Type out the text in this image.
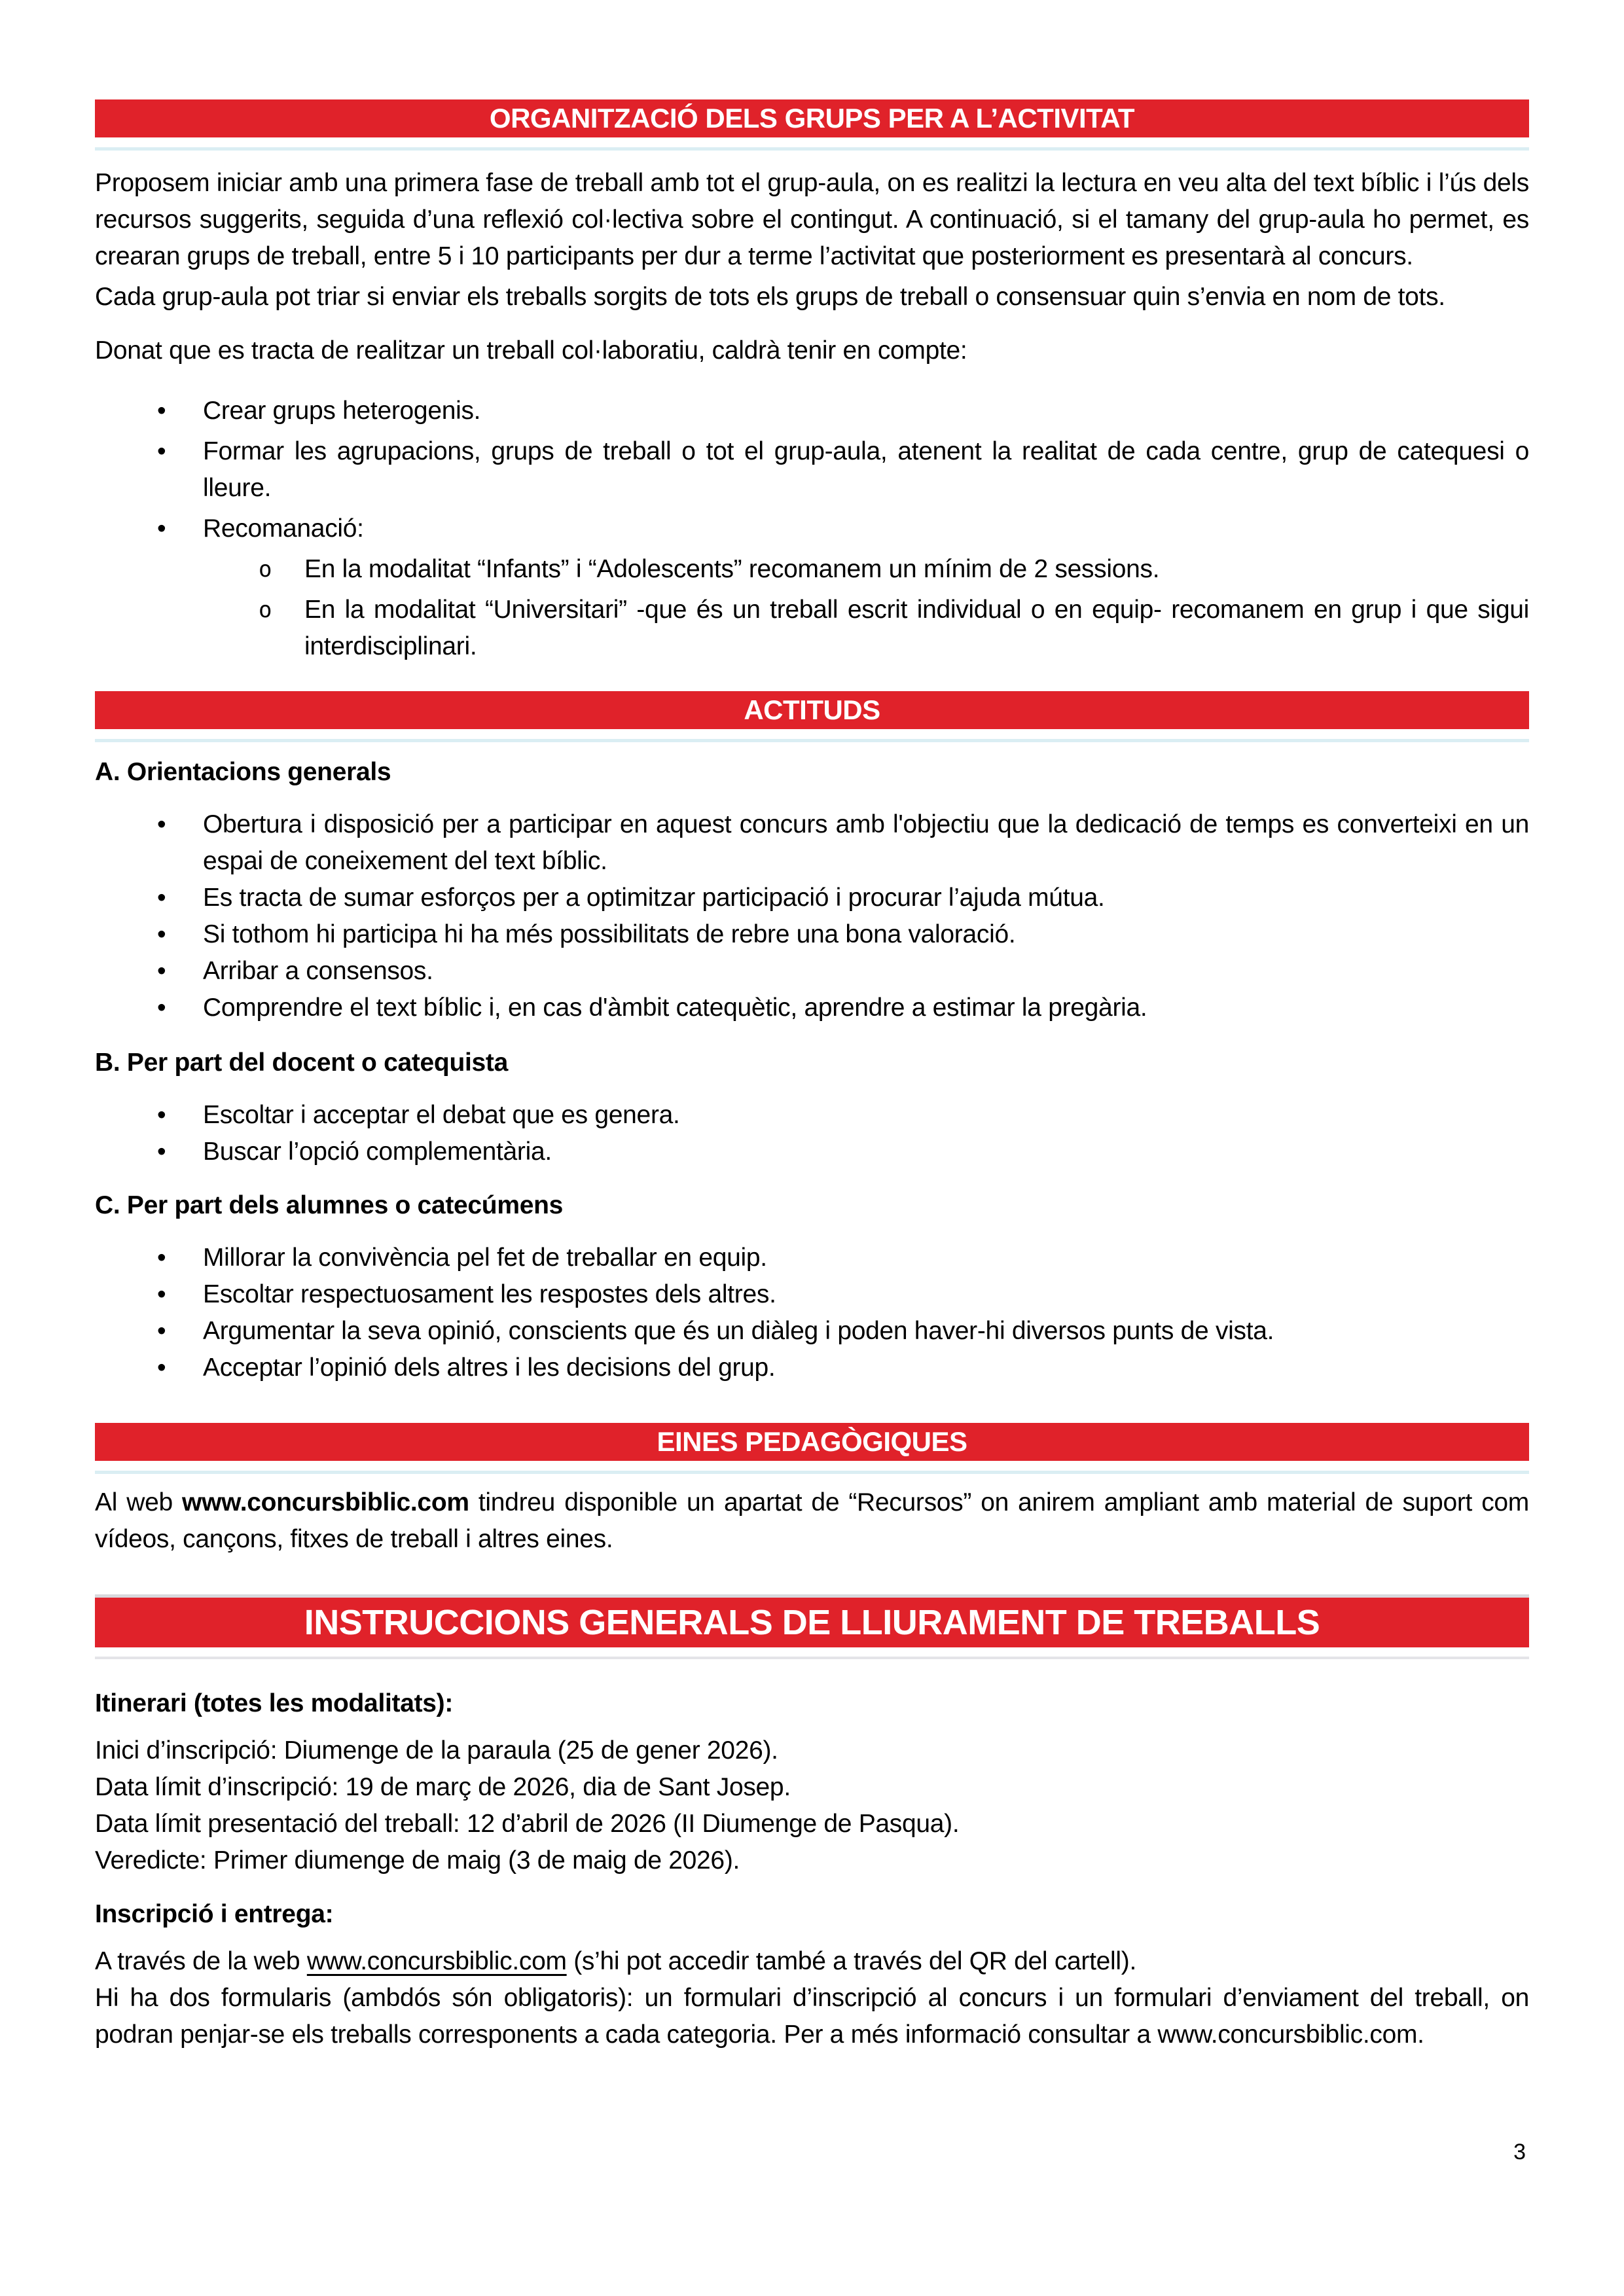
ORGANITZACIÓ DELS GRUPS PER A L’ACTIVITAT

Proposem iniciar amb una primera fase de treball amb tot el grup-aula, on es realitzi la lectura en veu alta del text bíblic i l’ús dels recursos suggerits, seguida d’una reflexió col·lectiva sobre el contingut. A continuació, si el tamany del grup-aula ho permet, es crearan grups de treball, entre 5 i 10 participants per dur a terme l’activitat que posteriorment es presentarà al concurs.

Cada grup-aula pot triar si enviar els treballs sorgits de tots els grups de treball o consensuar quin s’envia en nom de tots.

Donat que es tracta de realitzar un treball col·laboratiu, caldrà tenir en compte:

• Crear grups heterogenis.
• Formar les agrupacions, grups de treball o tot el grup-aula, atenent la realitat de cada centre, grup de catequesi o lleure.
• Recomanació:
o En la modalitat “Infants” i “Adolescents” recomanem un mínim de 2 sessions.
o En la modalitat “Universitari” -que és un treball escrit individual o en equip- recomanem en grup i que sigui interdisciplinari.
ACTITUDS

A. Orientacions generals

• Obertura i disposició per a participar en aquest concurs amb l'objectiu que la dedicació de temps es converteixi en un espai de coneixement del text bíblic.
• Es tracta de sumar esforços per a optimitzar participació i procurar l’ajuda mútua.
• Si tothom hi participa hi ha més possibilitats de rebre una bona valoració.
• Arribar a consensos.
• Comprendre el text bíblic i, en cas d'àmbit catequètic, aprendre a estimar la pregària.

B. Per part del docent o catequista

• Escoltar i acceptar el debat que es genera.
• Buscar l’opció complementària.

C. Per part dels alumnes o catecúmens

• Millorar la convivència pel fet de treballar en equip.
• Escoltar respectuosament les respostes dels altres.
• Argumentar la seva opinió, conscients que és un diàleg i poden haver-hi diversos punts de vista.
• Acceptar l’opinió dels altres i les decisions del grup.
EINES PEDAGÒGIQUES

Al web www.concursbiblic.com tindreu disponible un apartat de “Recursos” on anirem ampliant amb material de suport com vídeos, cançons, fitxes de treball i altres eines.

INSTRUCCIONS GENERALS DE LLIURAMENT DE TREBALLS

Itinerari (totes les modalitats):

Inici d’inscripció: Diumenge de la paraula (25 de gener 2026).
Data límit d’inscripció: 19 de març de 2026, dia de Sant Josep.
Data límit presentació del treball: 12 d’abril de 2026 (II Diumenge de Pasqua).
Veredicte: Primer diumenge de maig (3 de maig de 2026).

Inscripció i entrega:

A través de la web www.concursbiblic.com (s’hi pot accedir també a través del QR del cartell).

Hi ha dos formularis (ambdós són obligatoris): un formulari d’inscripció al concurs i un formulari d’enviament del treball, on podran penjar-se els treballs corresponents a cada categoria. Per a més informació consultar a www.concursbiblic.com.

3
